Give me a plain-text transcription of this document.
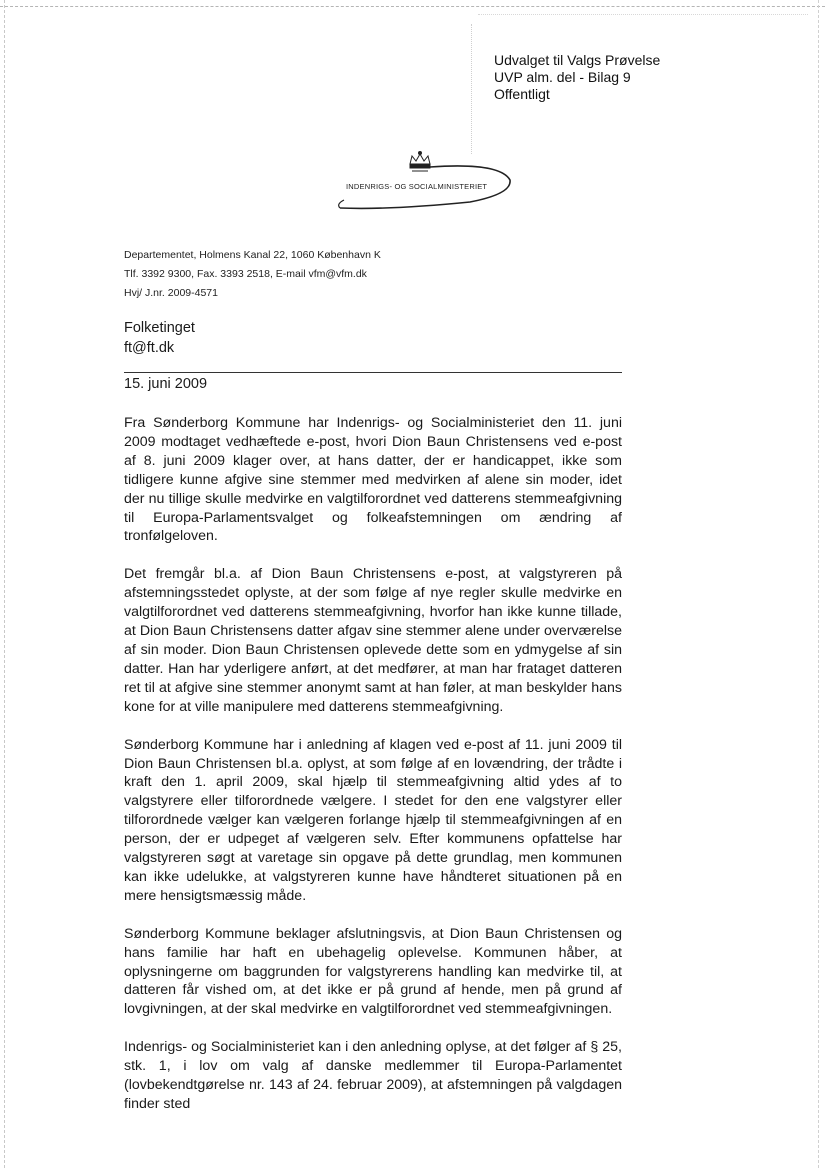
Udvalget til Valgs Prøvelse
UVP alm. del - Bilag 9
Offentligt
INDENRIGS- OG SOCIALMINISTERIET
Departementet, Holmens Kanal 22, 1060 København K
Tlf. 3392 9300, Fax. 3393 2518, E-mail vfm@vfm.dk
Hvj/ J.nr. 2009-4571
Folketinget
ft@ft.dk
15. juni 2009

Fra Sønderborg Kommune har Indenrigs- og Socialministeriet den 11. juni 2009 modtaget vedhæftede e-post, hvori Dion Baun Christensens ved e-post af 8. juni 2009 klager over, at hans datter, der er handicappet, ikke som tidligere kunne afgive sine stemmer med medvirken af alene sin moder, idet der nu tillige skulle medvirke en valgtilforordnet ved datterens stemmeafgivning til Europa-Parlamentsvalget og folkeafstemningen om ændring af tronfølgeloven.

Det fremgår bl.a. af Dion Baun Christensens e-post, at valgstyreren på afstemningsstedet oplyste, at der som følge af nye regler skulle medvirke en valgtilforordnet ved datterens stemmeafgivning, hvorfor han ikke kunne tillade, at Dion Baun Christensens datter afgav sine stemmer alene under overværelse af sin moder. Dion Baun Christensen oplevede dette som en ydmygelse af sin datter. Han har yderligere anført, at det medfører, at man har frataget datteren ret til at afgive sine stemmer anonymt samt at han føler, at man beskylder hans kone for at ville manipulere med datterens stemmeafgivning.

Sønderborg Kommune har i anledning af klagen ved e-post af 11. juni 2009 til Dion Baun Christensen bl.a. oplyst, at som følge af en lovændring, der trådte i kraft den 1. april 2009, skal hjælp til stemmeafgivning altid ydes af to valgstyrere eller tilforordnede vælgere. I stedet for den ene valgstyrer eller tilforordnede vælger kan vælgeren forlange hjælp til stemmeafgivningen af en person, der er udpeget af vælgeren selv. Efter kommunens opfattelse har valgstyreren søgt at varetage sin opgave på dette grundlag, men kommunen kan ikke udelukke, at valgstyreren kunne have håndteret situationen på en mere hensigtsmæssig måde.

Sønderborg Kommune beklager afslutningsvis, at Dion Baun Christensen og hans familie har haft en ubehagelig oplevelse. Kommunen håber, at oplysningerne om baggrunden for valgstyrerens handling kan medvirke til, at datteren får vished om, at det ikke er på grund af hende, men på grund af lovgivningen, at der skal medvirke en valgtilforordnet ved stemmeafgivningen.

Indenrigs- og Socialministeriet kan i den anledning oplyse, at det følger af § 25, stk. 1, i lov om valg af danske medlemmer til Europa-Parlamentet (lovbekendtgørelse nr. 143 af 24. februar 2009), at afstemningen på valgdagen finder sted
